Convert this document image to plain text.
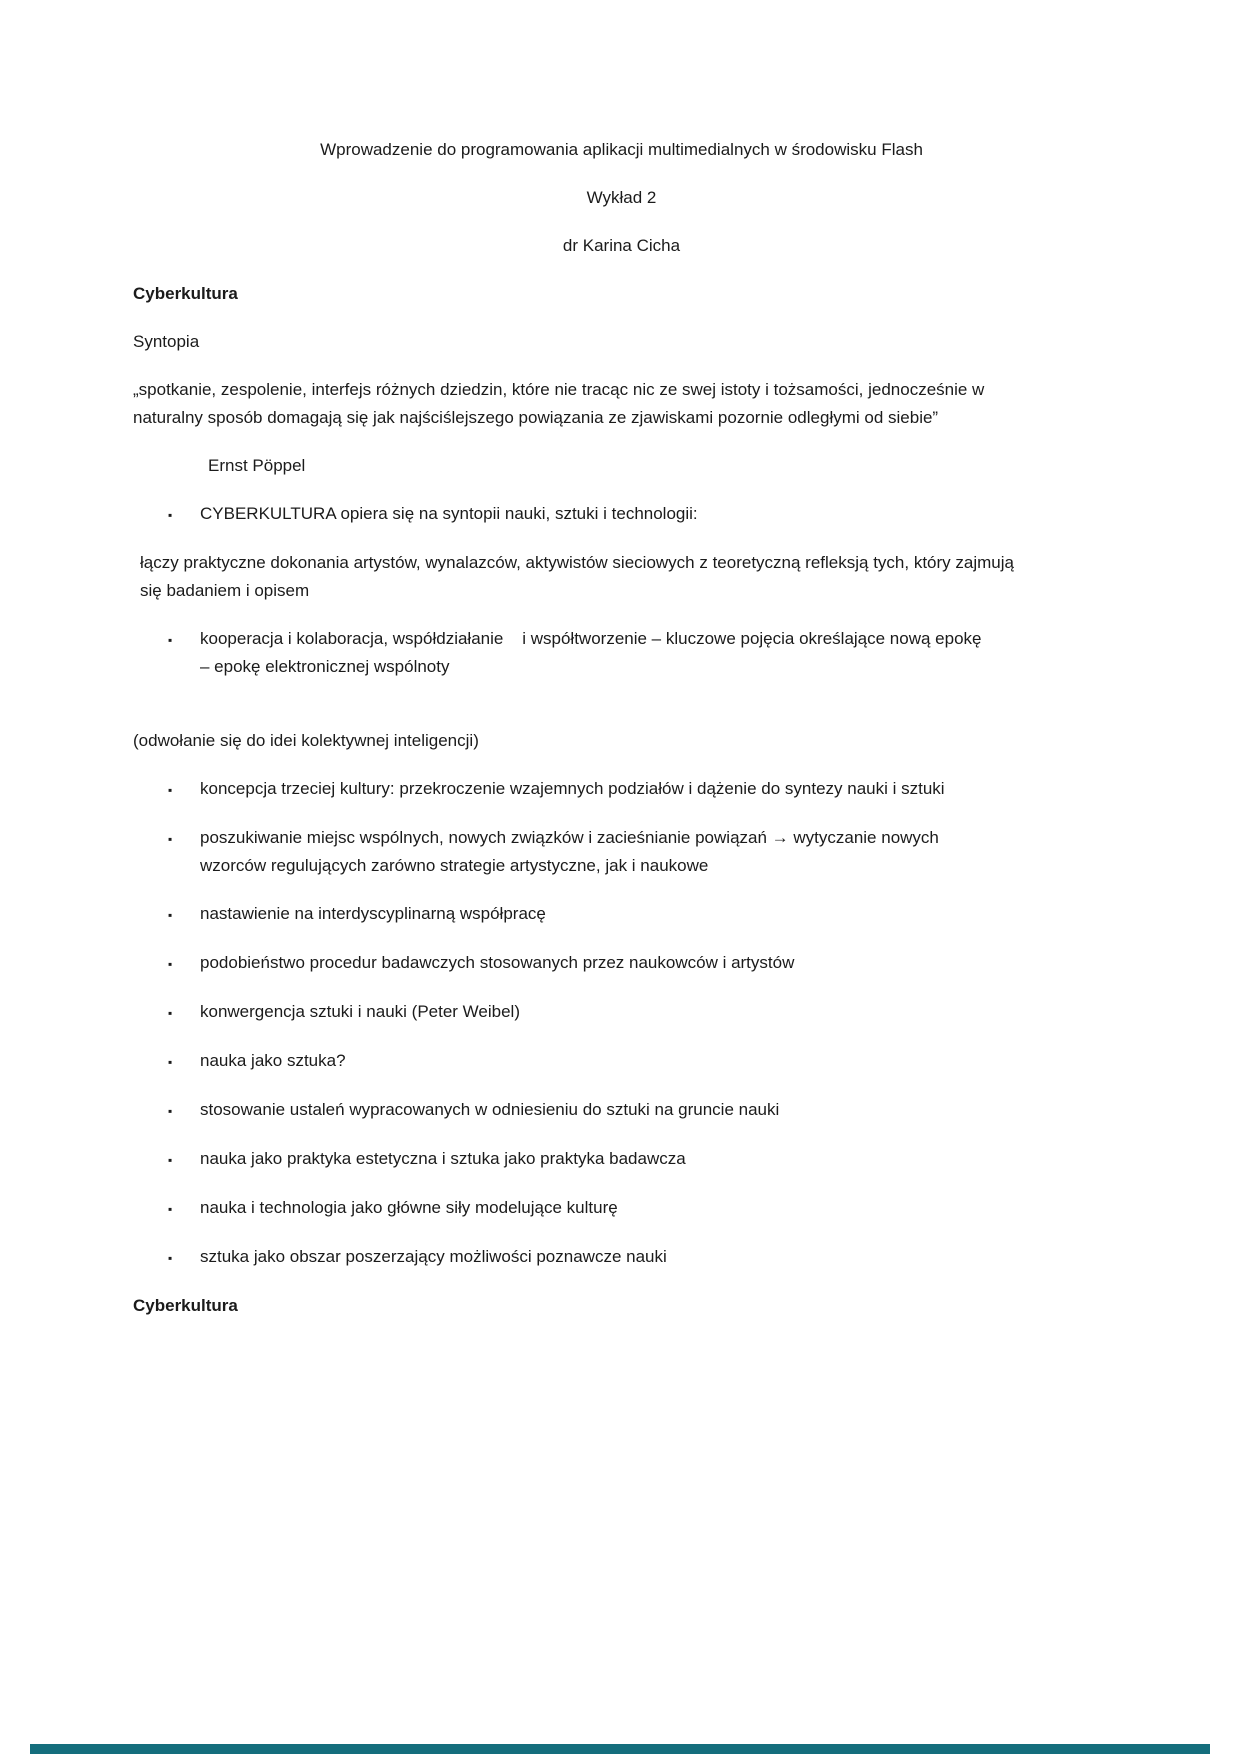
Wprowadzenie do programowania aplikacji multimedialnych w środowisku Flash

Wykład 2

dr Karina Cicha

Cyberkultura

Syntopia

„spotkanie, zespolenie, interfejs różnych dziedzin, które nie tracąc nic ze swej istoty i tożsamości, jednocześnie w naturalny sposób domagają się jak najściślejszego powiązania ze zjawiskami pozornie odległymi od siebie”

Ernst Pöppel

▪
CYBERKULTURA opiera się na syntopii nauki, sztuki i technologii:

łączy praktyczne dokonania artystów, wynalazców, aktywistów sieciowych z teoretyczną refleksją tych, który zajmują się badaniem i opisem

▪
kooperacja i kolaboracja, współdziałanie    i współtworzenie – kluczowe pojęcia określające nową epokę – epokę elektronicznej wspólnoty

(odwołanie się do idei kolektywnej inteligencji)

▪
koncepcja trzeciej kultury: przekroczenie wzajemnych podziałów i dążenie do syntezy nauki i sztuki
▪
poszukiwanie miejsc wspólnych, nowych związków i zacieśnianie powiązań → wytyczanie nowych wzorców regulujących zarówno strategie artystyczne, jak i naukowe
▪
nastawienie na interdyscyplinarną współpracę
▪
podobieństwo procedur badawczych stosowanych przez naukowców i artystów
▪
konwergencja sztuki i nauki (Peter Weibel)
▪
nauka jako sztuka?
▪
stosowanie ustaleń wypracowanych w odniesieniu do sztuki na gruncie nauki
▪
nauka jako praktyka estetyczna i sztuka jako praktyka badawcza
▪
nauka i technologia jako główne siły modelujące kulturę
▪
sztuka jako obszar poszerzający możliwości poznawcze nauki

Cyberkultura
